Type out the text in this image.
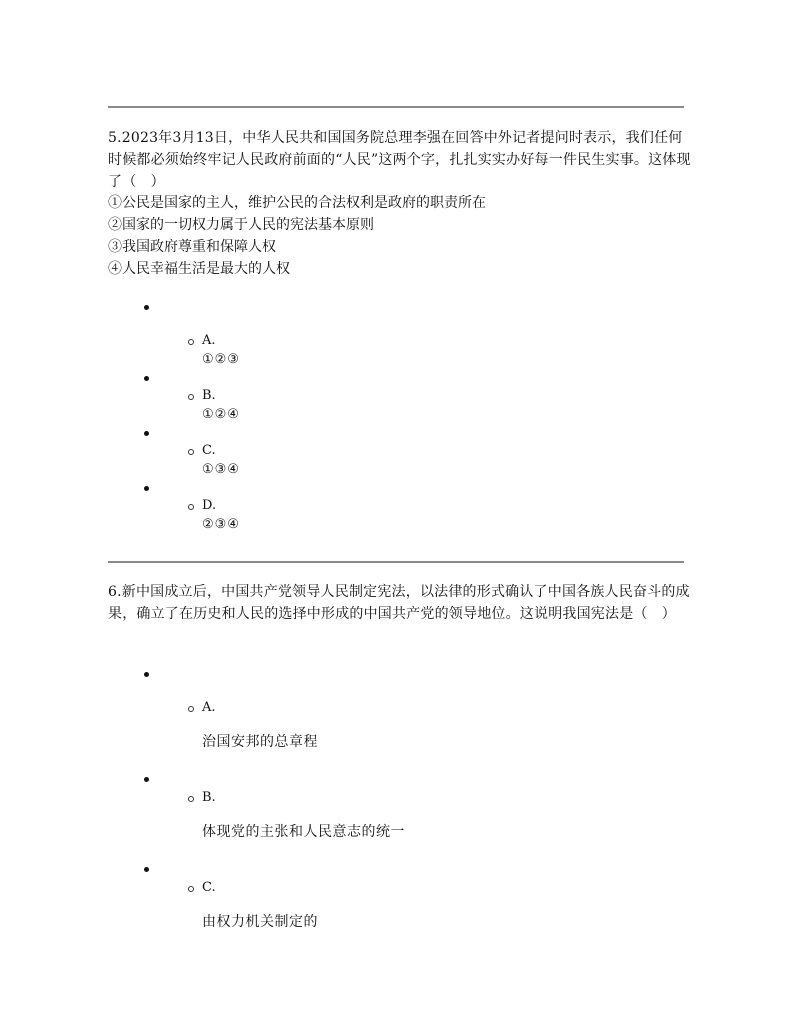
5.2023年3月13日，中华人民共和国国务院总理李强在回答中外记者提问时表示，我们任何时候都必须始终牢记人民政府前面的“人民”这两个字，扎扎实实办好每一件民生实事。这体现了（　）
①公民是国家的主人，维护公民的合法权利是政府的职责所在
②国家的一切权力属于人民的宪法基本原则
③我国政府尊重和保障人权
④人民幸福生活是最大的人权
A.
①②③
B.
①②④
C.
①③④
D.
②③④
6.新中国成立后，中国共产党领导人民制定宪法，以法律的形式确认了中国各族人民奋斗的成果，确立了在历史和人民的选择中形成的中国共产党的领导地位。这说明我国宪法是（　）
A.
治国安邦的总章程
B.
体现党的主张和人民意志的统一
C.
由权力机关制定的
